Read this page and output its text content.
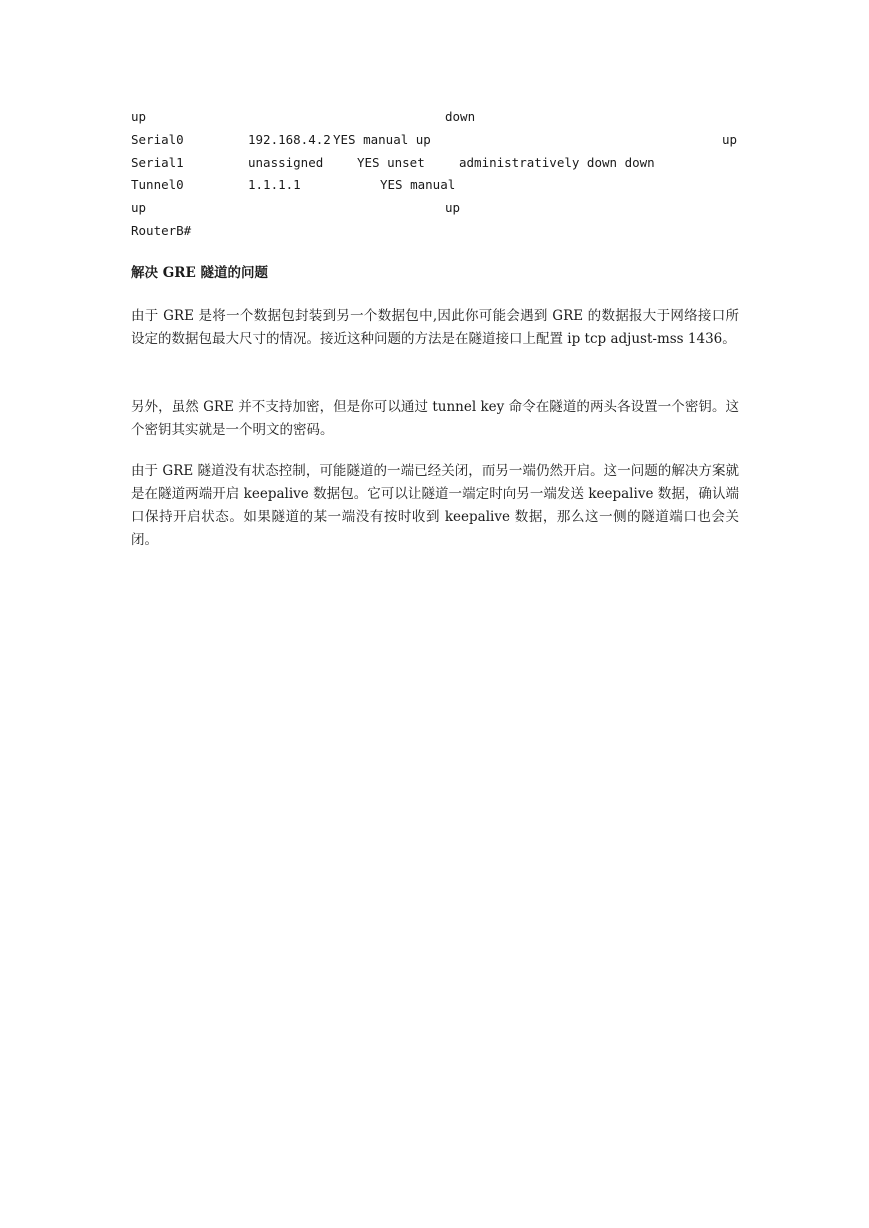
up	down
Serial0	192.168.4.2 YES manual up	up
Serial1	unassigned	YES unset	administratively down down
Tunnel0	1.1.1.1	YES manual
up	up
RouterB#
解决 GRE 隧道的问题

由于 GRE 是将一个数据包封装到另一个数据包中,因此你可能会遇到 GRE 的数据报大于网络接口所设定的数据包最大尺寸的情况。接近这种问题的方法是在隧道接口上配置 ip tcp adjust-mss 1436。

另外，虽然 GRE 并不支持加密，但是你可以通过 tunnel key 命令在隧道的两头各设置一个密钥。这个密钥其实就是一个明文的密码。

由于 GRE 隧道没有状态控制，可能隧道的一端已经关闭，而另一端仍然开启。这一问题的解决方案就是在隧道两端开启 keepalive 数据包。它可以让隧道一端定时向另一端发送 keepalive 数据，确认端口保持开启状态。如果隧道的某一端没有按时收到 keepalive 数据，那么这一侧的隧道端口也会关闭。
